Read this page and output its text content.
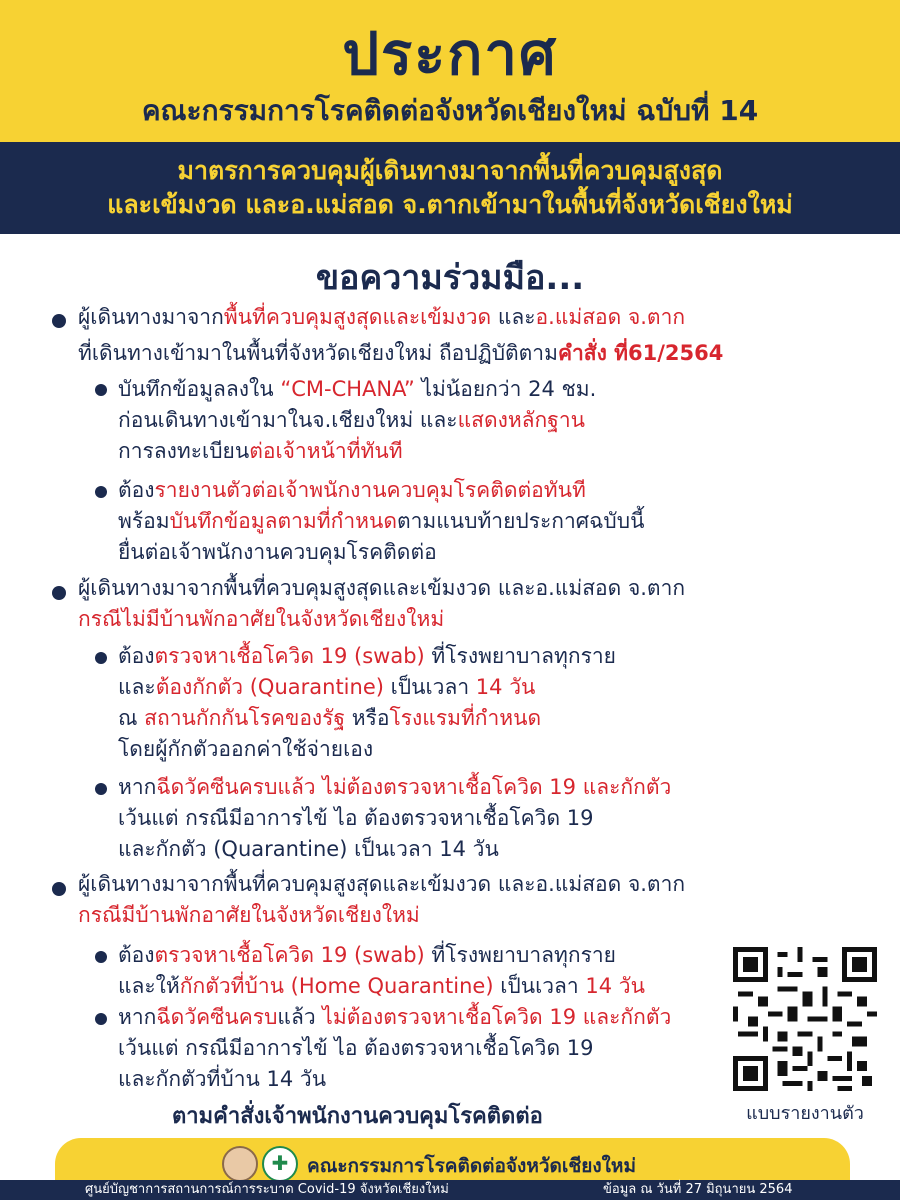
ประกาศ
คณะกรรมการโรคติดต่อจังหวัดเชียงใหม่ ฉบับที่ 14
มาตรการควบคุมผู้เดินทางมาจากพื้นที่ควบคุมสูงสุด
และเข้มงวด และอ.แม่สอด จ.ตากเข้ามาในพื้นที่จังหวัดเชียงใหม่
ขอความร่วมมือ...
ผู้เดินทางมาจากพื้นที่ควบคุมสูงสุดและเข้มงวด และอ.แม่สอด จ.ตาก
ที่เดินทางเข้ามาในพื้นที่จังหวัดเชียงใหม่ ถือปฏิบัติตามคำสั่ง ที่61/2564
บันทึกข้อมูลลงใน “CM-CHANA” ไม่น้อยกว่า 24 ชม.
ก่อนเดินทางเข้ามาในจ.เชียงใหม่ และแสดงหลักฐาน
การลงทะเบียนต่อเจ้าหน้าที่ทันที
ต้องรายงานตัวต่อเจ้าพนักงานควบคุมโรคติดต่อทันที
พร้อมบันทึกข้อมูลตามที่กำหนดตามแนบท้ายประกาศฉบับนี้
ยื่นต่อเจ้าพนักงานควบคุมโรคติดต่อ
ผู้เดินทางมาจากพื้นที่ควบคุมสูงสุดและเข้มงวด และอ.แม่สอด จ.ตาก
กรณีไม่มีบ้านพักอาศัยในจังหวัดเชียงใหม่
ต้องตรวจหาเชื้อโควิด 19 (swab) ที่โรงพยาบาลทุกราย
และต้องกักตัว (Quarantine) เป็นเวลา 14 วัน
ณ สถานกักกันโรคของรัฐ หรือโรงแรมที่กำหนด
โดยผู้กักตัวออกค่าใช้จ่ายเอง
หากฉีดวัคซีนครบแล้ว ไม่ต้องตรวจหาเชื้อโควิด 19 และกักตัว
เว้นแต่ กรณีมีอาการไข้ ไอ ต้องตรวจหาเชื้อโควิด 19
และกักตัว (Quarantine) เป็นเวลา 14 วัน
ผู้เดินทางมาจากพื้นที่ควบคุมสูงสุดและเข้มงวด และอ.แม่สอด จ.ตาก
กรณีมีบ้านพักอาศัยในจังหวัดเชียงใหม่
ต้องตรวจหาเชื้อโควิด 19 (swab) ที่โรงพยาบาลทุกราย
และให้กักตัวที่บ้าน (Home Quarantine) เป็นเวลา 14 วัน
หากฉีดวัคซีนครบแล้ว ไม่ต้องตรวจหาเชื้อโควิด 19 และกักตัว
เว้นแต่ กรณีมีอาการไข้ ไอ ต้องตรวจหาเชื้อโควิด 19
และกักตัวที่บ้าน 14 วัน
ตามคำสั่งเจ้าพนักงานควบคุมโรคติดต่อ	แบบรายงานตัว
✚ คณะกรรมการโรคติดต่อจังหวัดเชียงใหม่
ศูนย์บัญชาการสถานการณ์การระบาด Covid-19 จังหวัดเชียงใหม่	ข้อมูล ณ วันที่ 27 มิถุนายน 2564
